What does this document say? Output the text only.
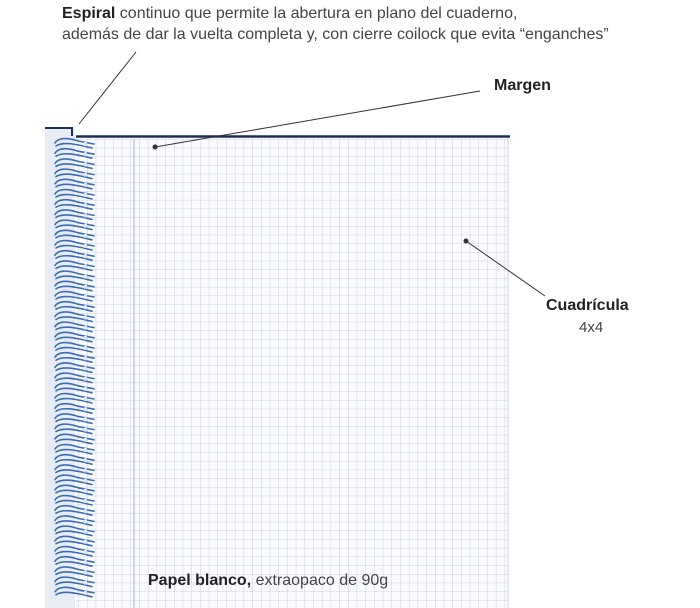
Espiral continuo que permite la abertura en plano del cuaderno,
además de dar la vuelta completa y, con cierre coilock que evita “enganches”
Margen
Cuadrícula
4x4
Papel blanco, extraopaco de 90g
